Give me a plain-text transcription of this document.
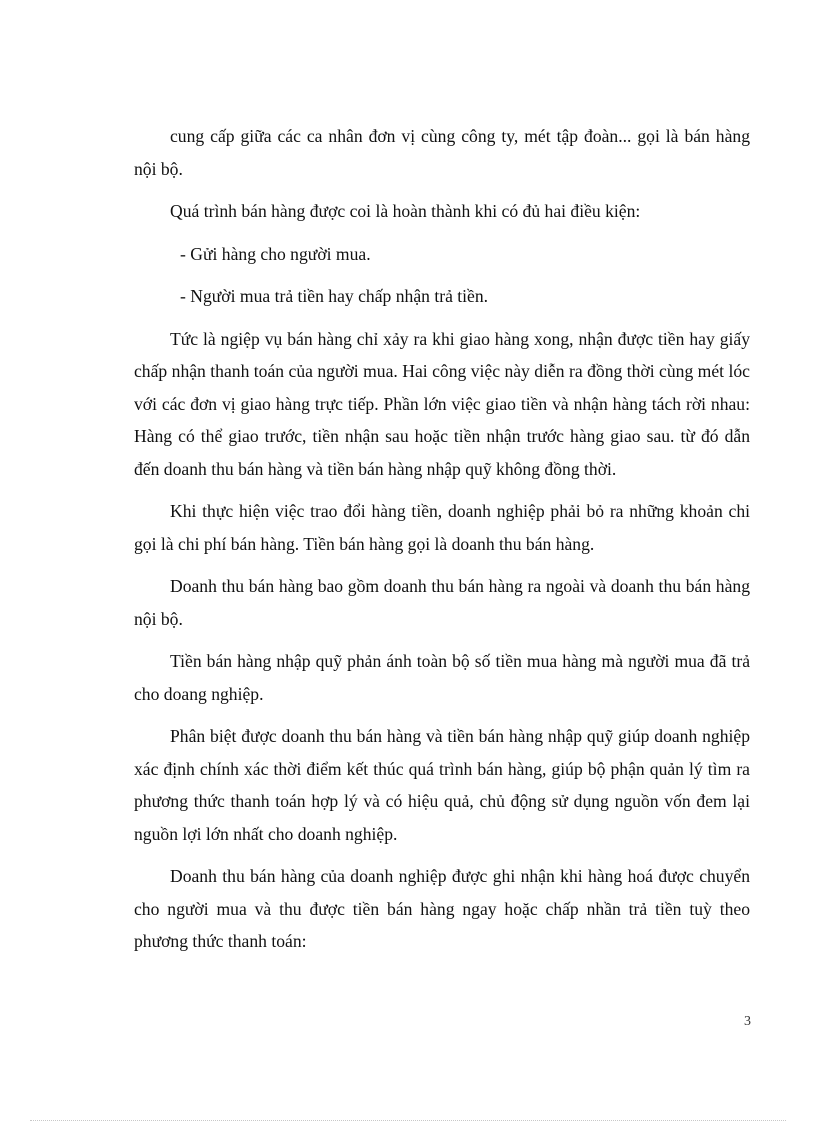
cung cấp giữa các ca nhân đơn vị cùng công ty, mét tập đoàn... gọi là bán hàng nội bộ.

Quá trình bán hàng được coi là hoàn thành khi có đủ hai điều kiện:

- Gửi hàng cho người mua.

- Người mua trả tiền hay chấp nhận trả tiền.

Tức là ngiệp vụ bán hàng chỉ xảy ra khi giao hàng xong, nhận được tiền hay giấy chấp nhận thanh toán của người mua. Hai công việc này diễn ra đồng thời cùng mét lóc với các đơn vị giao hàng trực tiếp. Phần lớn việc giao tiền và nhận hàng tách rời nhau: Hàng có thể giao trước, tiền nhận sau hoặc tiền nhận trước hàng giao sau. từ đó dẫn đến doanh thu bán hàng và tiền bán hàng nhập quỹ không đồng thời.

Khi thực hiện việc trao đổi hàng tiền, doanh nghiệp phải bỏ ra những khoản chi gọi là chi phí bán hàng. Tiền bán hàng gọi là doanh thu bán hàng.

Doanh thu bán hàng bao gồm doanh thu bán hàng ra ngoài và doanh thu bán hàng nội bộ.

Tiền bán hàng nhập quỹ phản ánh toàn bộ số tiền mua hàng mà người mua đã trả cho doang nghiệp.

Phân biệt được doanh thu bán hàng và tiền bán hàng nhập quỹ giúp doanh nghiệp xác định chính xác thời điểm kết thúc quá trình bán hàng, giúp bộ phận quản lý tìm ra phương thức thanh toán hợp lý và có hiệu quả, chủ động sử dụng nguồn vốn đem lại nguồn lợi lớn nhất cho doanh nghiệp.

Doanh thu bán hàng của doanh nghiệp được ghi nhận khi hàng hoá được chuyển cho người mua và thu được tiền bán hàng ngay hoặc chấp nhần trả tiền tuỳ theo phương thức thanh toán:

3
